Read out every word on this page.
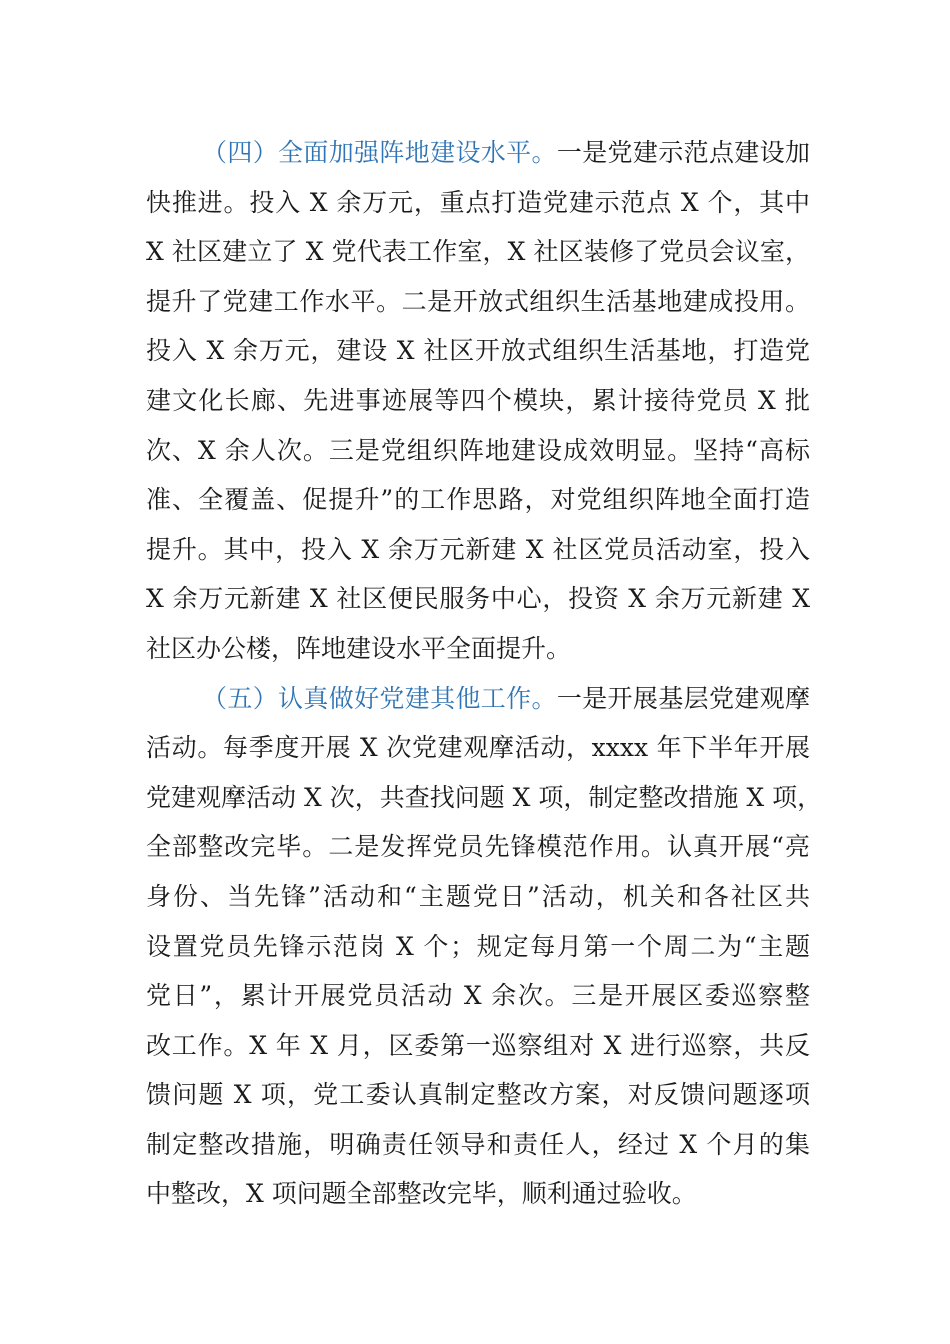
（四）全面加强阵地建设水平。一是党建示范点建设加
快推进。投入 X 余万元，重点打造党建示范点 X 个，其中
X 社区建立了 X 党代表工作室，X 社区装修了党员会议室，
提升了党建工作水平。二是开放式组织生活基地建成投用。
投入 X 余万元，建设 X 社区开放式组织生活基地，打造党
建文化长廊、先进事迹展等四个模块，累计接待党员 X 批
次、X 余人次。三是党组织阵地建设成效明显。坚持“高标
准、全覆盖、促提升”的工作思路，对党组织阵地全面打造
提升。其中，投入 X 余万元新建 X 社区党员活动室，投入
X 余万元新建 X 社区便民服务中心，投资 X 余万元新建 X
社区办公楼，阵地建设水平全面提升。
（五）认真做好党建其他工作。一是开展基层党建观摩
活动。每季度开展 X 次党建观摩活动，xxxx 年下半年开展
党建观摩活动 X 次，共查找问题 X 项，制定整改措施 X 项，
全部整改完毕。二是发挥党员先锋模范作用。认真开展“亮
身份、当先锋”活动和“主题党日”活动，机关和各社区共
设置党员先锋示范岗 X 个；规定每月第一个周二为“主题
党日”，累计开展党员活动 X 余次。三是开展区委巡察整
改工作。X 年 X 月，区委第一巡察组对 X 进行巡察，共反
馈问题 X 项，党工委认真制定整改方案，对反馈问题逐项
制定整改措施，明确责任领导和责任人，经过 X 个月的集
中整改，X 项问题全部整改完毕，顺利通过验收。
